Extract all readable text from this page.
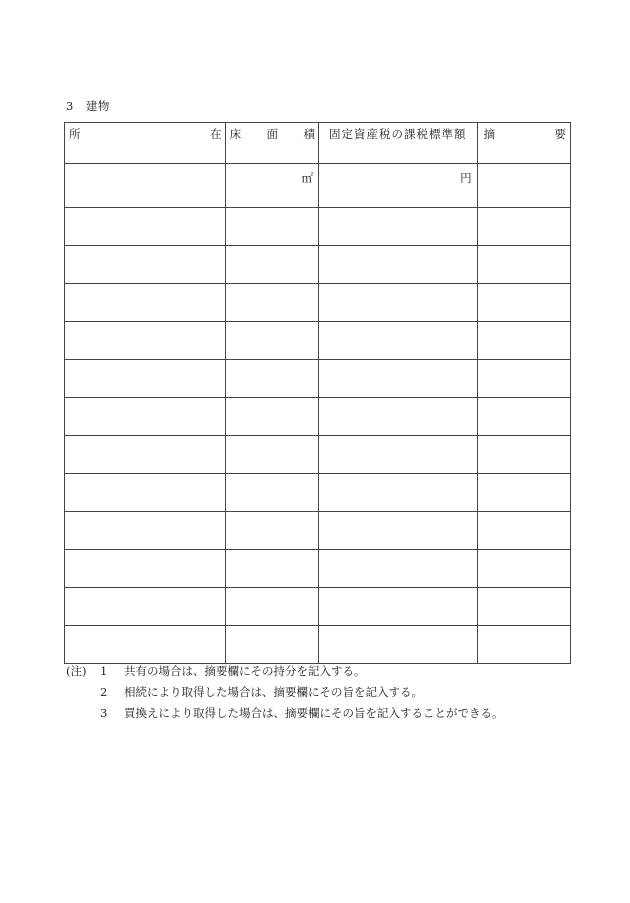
3　建物
所 在	床 面 積	固定資産税の課税標準額	摘 要

	㎡	円	

(注)	1	共有の場合は、摘要欄にその持分を記入する。
2	相続により取得した場合は、摘要欄にその旨を記入する。
3	買換えにより取得した場合は、摘要欄にその旨を記入することができる。
